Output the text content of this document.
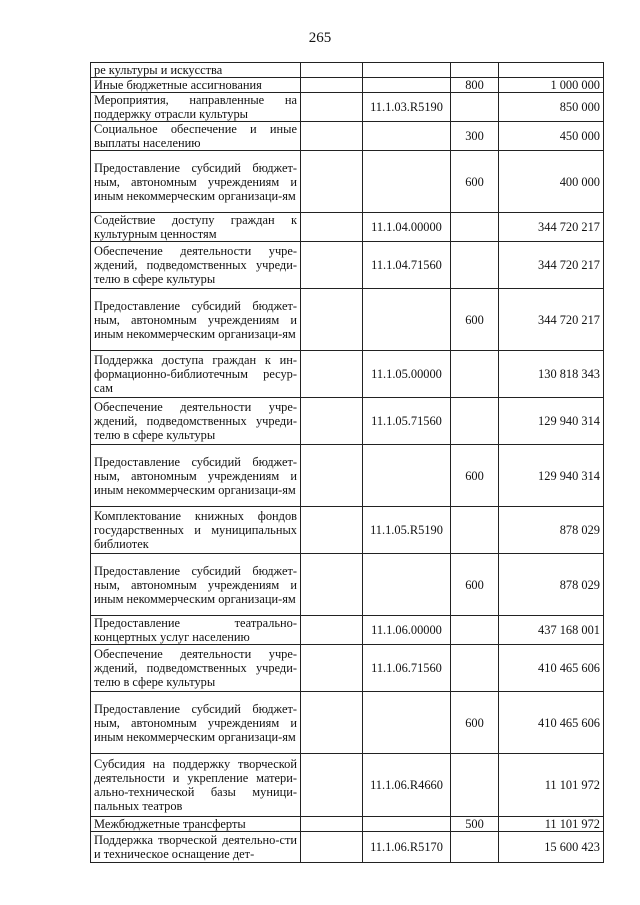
265
ре культуры и искусства				
Иные бюджетные ассигнования			800	1 000 000
Мероприятия, направленные на поддержку отрасли культуры		11.1.03.R5190		850 000
Социальное обеспечение и иные выплаты населению			300	450 000
Предоставление субсидий бюджет-ным, автономным учреждениям и иным некоммерческим организаци-ям			600	400 000
Содействие доступу граждан к культурным ценностям		11.1.04.00000		344 720 217
Обеспечение деятельности учре-ждений, подведомственных учреди-телю в сфере культуры		11.1.04.71560		344 720 217
Предоставление субсидий бюджет-ным, автономным учреждениям и иным некоммерческим организаци-ям			600	344 720 217
Поддержка доступа граждан к ин-формационно-библиотечным ресур-сам		11.1.05.00000		130 818 343
Обеспечение деятельности учре-ждений, подведомственных учреди-телю в сфере культуры		11.1.05.71560		129 940 314
Предоставление субсидий бюджет-ным, автономным учреждениям и иным некоммерческим организаци-ям			600	129 940 314
Комплектование книжных фондов государственных и муниципальных библиотек		11.1.05.R5190		878 029
Предоставление субсидий бюджет-ным, автономным учреждениям и иным некоммерческим организаци-ям			600	878 029
Предоставление театрально-концертных услуг населению		11.1.06.00000		437 168 001
Обеспечение деятельности учре-ждений, подведомственных учреди-телю в сфере культуры		11.1.06.71560		410 465 606
Предоставление субсидий бюджет-ным, автономным учреждениям и иным некоммерческим организаци-ям			600	410 465 606
Субсидия на поддержку творческой деятельности и укрепление матери-ально-технической базы муници-пальных театров		11.1.06.R4660		11 101 972
Межбюджетные трансферты			500	11 101 972
Поддержка творческой деятельно-сти и техническое оснащение дет-		11.1.06.R5170		15 600 423
